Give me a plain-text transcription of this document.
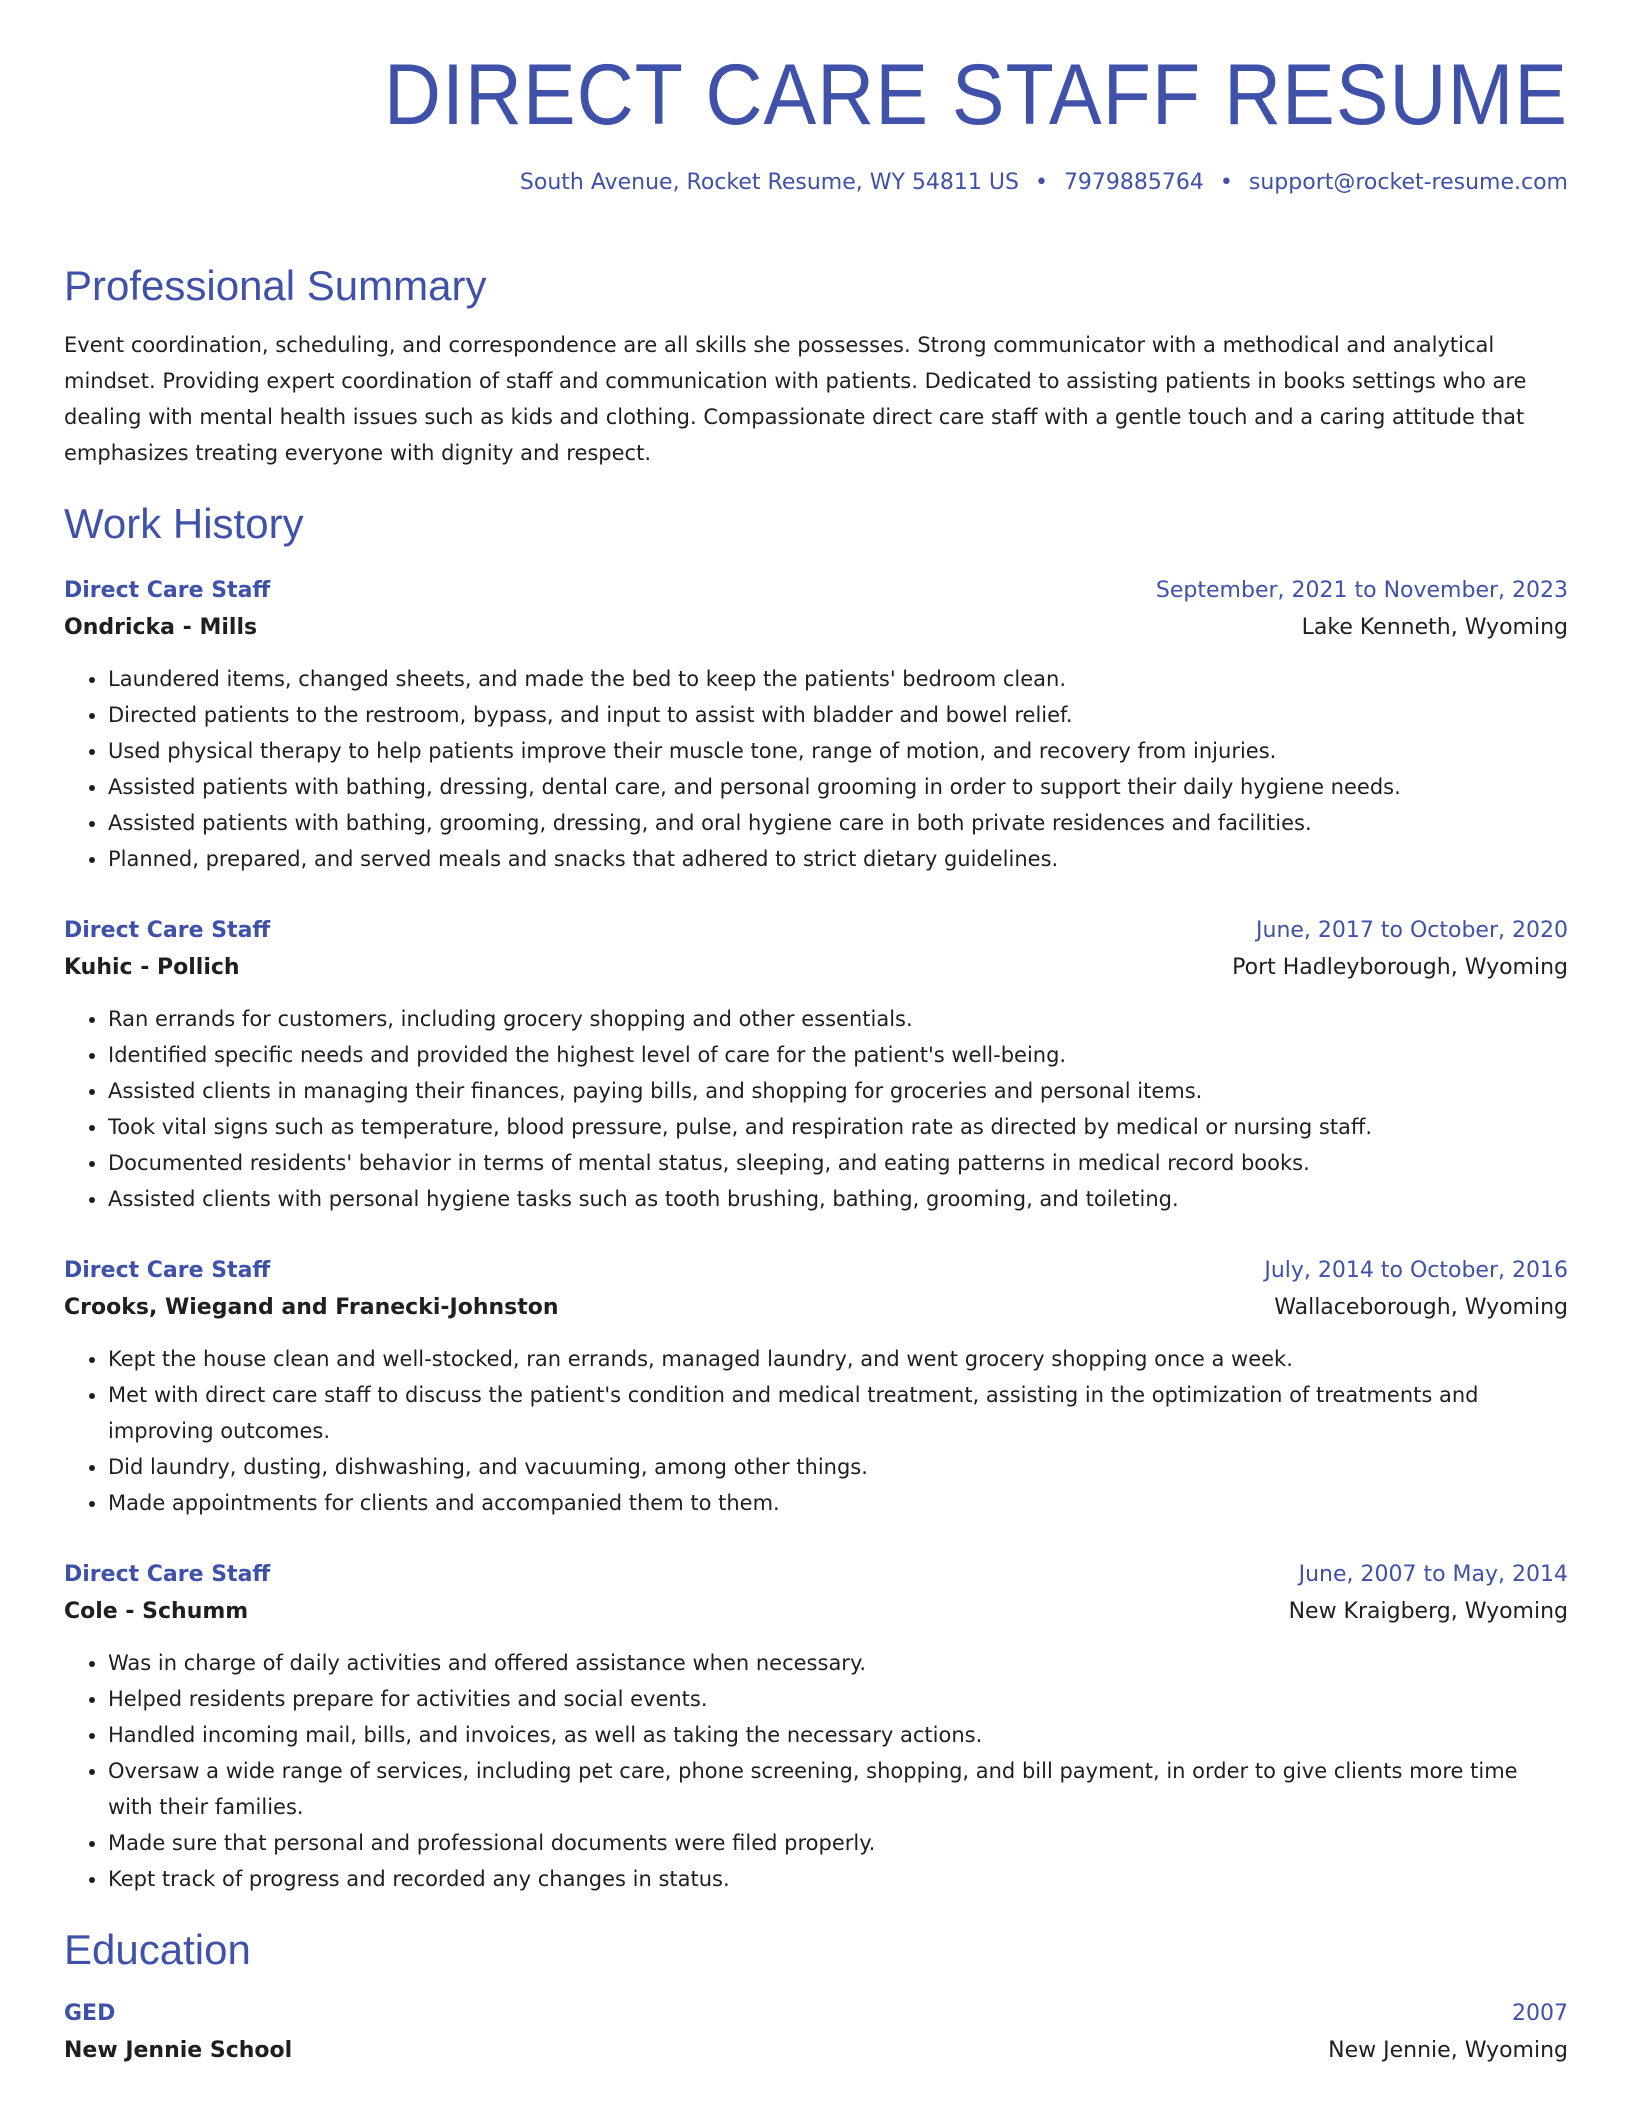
DIRECT CARE STAFF RESUME
South Avenue, Rocket Resume, WY 54811 US • 7979885764 • support@rocket-resume.com
Professional Summary

Event coordination, scheduling, and correspondence are all skills she possesses. Strong communicator with a methodical and analytical mindset. Providing expert coordination of staff and communication with patients. Dedicated to assisting patients in books settings who are dealing with mental health issues such as kids and clothing. Compassionate direct care staff with a gentle touch and a caring attitude that emphasizes treating everyone with dignity and respect.

Work History
Direct Care Staff	September, 2021 to November, 2023
Ondricka - Mills	Lake Kenneth, Wyoming
• Laundered items, changed sheets, and made the bed to keep the patients' bedroom clean.
• Directed patients to the restroom, bypass, and input to assist with bladder and bowel relief.
• Used physical therapy to help patients improve their muscle tone, range of motion, and recovery from injuries.
• Assisted patients with bathing, dressing, dental care, and personal grooming in order to support their daily hygiene needs.
• Assisted patients with bathing, grooming, dressing, and oral hygiene care in both private residences and facilities.
• Planned, prepared, and served meals and snacks that adhered to strict dietary guidelines.
Direct Care Staff	June, 2017 to October, 2020
Kuhic - Pollich	Port Hadleyborough, Wyoming
• Ran errands for customers, including grocery shopping and other essentials.
• Identified specific needs and provided the highest level of care for the patient's well-being.
• Assisted clients in managing their finances, paying bills, and shopping for groceries and personal items.
• Took vital signs such as temperature, blood pressure, pulse, and respiration rate as directed by medical or nursing staff.
• Documented residents' behavior in terms of mental status, sleeping, and eating patterns in medical record books.
• Assisted clients with personal hygiene tasks such as tooth brushing, bathing, grooming, and toileting.
Direct Care Staff	July, 2014 to October, 2016
Crooks, Wiegand and Franecki-Johnston	Wallaceborough, Wyoming
• Kept the house clean and well-stocked, ran errands, managed laundry, and went grocery shopping once a week.
• Met with direct care staff to discuss the patient's condition and medical treatment, assisting in the optimization of treatments and improving outcomes.
• Did laundry, dusting, dishwashing, and vacuuming, among other things.
• Made appointments for clients and accompanied them to them.
Direct Care Staff	June, 2007 to May, 2014
Cole - Schumm	New Kraigberg, Wyoming
• Was in charge of daily activities and offered assistance when necessary.
• Helped residents prepare for activities and social events.
• Handled incoming mail, bills, and invoices, as well as taking the necessary actions.
• Oversaw a wide range of services, including pet care, phone screening, shopping, and bill payment, in order to give clients more time with their families.
• Made sure that personal and professional documents were filed properly.
• Kept track of progress and recorded any changes in status.
Education
GED	2007
New Jennie School	New Jennie, Wyoming
